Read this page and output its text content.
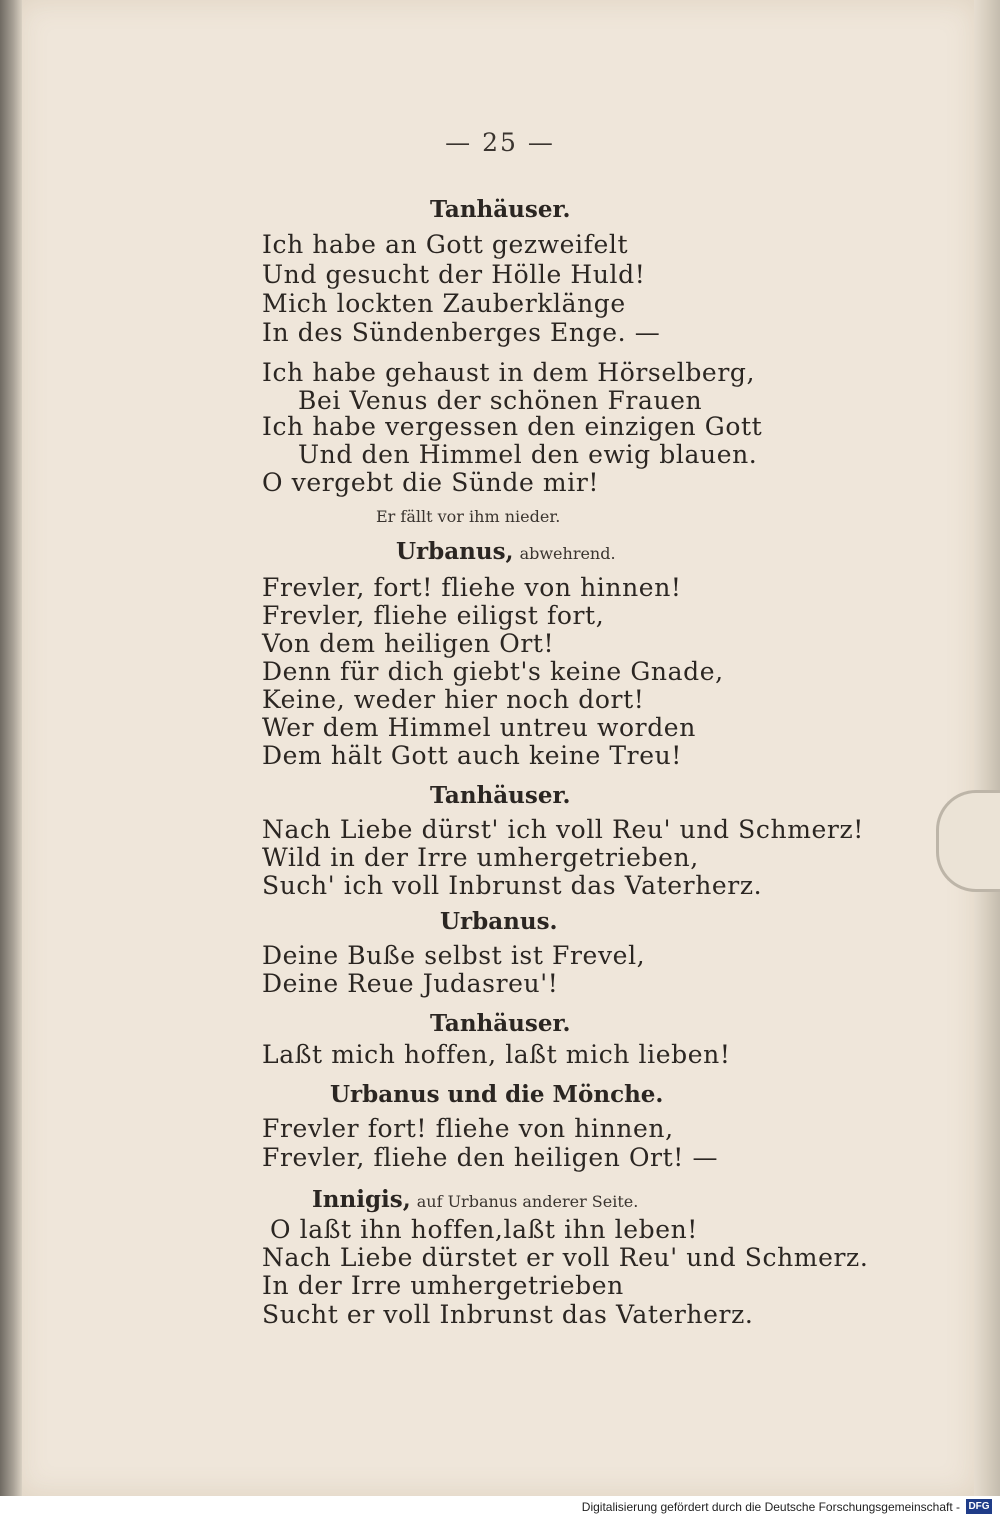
— 25 —
Tanhäuser.
Ich habe an Gott gezweifelt
Und gesucht der Hölle Huld!
Mich lockten Zauberklänge
In des Sündenberges Enge. —
Ich habe gehaust in dem Hörselberg,
Bei Venus der schönen Frauen
Ich habe vergessen den einzigen Gott
Und den Himmel den ewig blauen.
O vergebt die Sünde mir!
Er fällt vor ihm nieder.
Urbanus, abwehrend.
Frevler, fort! fliehe von hinnen!
Frevler, fliehe eiligst fort,
Von dem heiligen Ort!
Denn für dich giebt's keine Gnade,
Keine, weder hier noch dort!
Wer dem Himmel untreu worden
Dem hält Gott auch keine Treu!
Tanhäuser.
Nach Liebe dürst' ich voll Reu' und Schmerz!
Wild in der Irre umhergetrieben,
Such' ich voll Inbrunst das Vaterherz.
Urbanus.
Deine Buße selbst ist Frevel,
Deine Reue Judasreu'!
Tanhäuser.
Laßt mich hoffen, laßt mich lieben!
Urbanus und die Mönche.
Frevler fort! fliehe von hinnen,
Frevler, fliehe den heiligen Ort! —
Innigis, auf Urbanus anderer Seite.
O laßt ihn hoffen,laßt ihn leben!
Nach Liebe dürstet er voll Reu' und Schmerz.
In der Irre umhergetrieben
Sucht er voll Inbrunst das Vaterherz.
Digitalisierung gefördert durch die Deutsche Forschungsgemeinschaft - DFG
